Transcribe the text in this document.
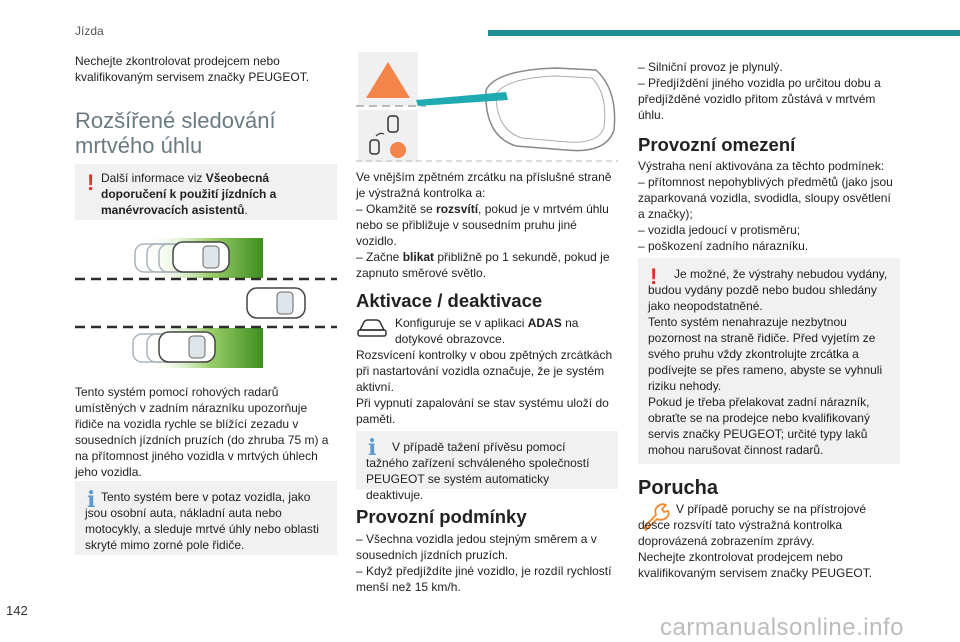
Jízda
142
carmanualsonline.info
Nechejte zkontrolovat prodejcem nebo kvalifikovaným servisem značky PEUGEOT.
Rozšířené sledování
mrtvého úhlu
! Další informace viz Všeobecná doporučení k použití jízdních a manévrovacích asistentů.
Tento systém pomocí rohových radarů umístěných v zadním nárazníku upozorňuje řidiče na vozidla rychle se blížící zezadu v sousedních jízdních pruzích (do zhruba 75 m) a na přítomnost jiného vozidla v mrtvých úhlech jeho vozidla.
i Tento systém bere v potaz vozidla, jako jsou osobní auta, nákladní auta nebo motocykly, a sleduje mrtvé úhly nebo oblasti skryté mimo zorné pole řidiče.
Ve vnějším zpětném zrcátku na příslušné straně je výstražná kontrolka a:
– Okamžitě se rozsvítí, pokud je v mrtvém úhlu nebo se přibližuje v sousedním pruhu jiné vozidlo.
– Začne blikat přibližně po 1 sekundě, pokud je zapnuto směrové světlo.
Aktivace / deaktivace
Konfiguruje se v aplikaci ADAS na dotykové obrazovce.
Rozsvícení kontrolky v obou zpětných zrcátkách při nastartování vozidla označuje, že je systém aktivní.
Při vypnutí zapalování se stav systému uloží do paměti.
i	V případě tažení přívěsu pomocí tažného zařízení schváleného společností PEUGEOT se systém automaticky deaktivuje.
Provozní podmínky
– Všechna vozidla jedou stejným směrem a v sousedních jízdních pruzích.
– Když předjíždíte jiné vozidlo, je rozdíl rychlostí menší než 15 km/h.
– Silniční provoz je plynulý.
– Předjíždění jiného vozidla po určitou dobu a předjížděné vozidlo přitom zůstává v mrtvém úhlu.
Provozní omezení
Výstraha není aktivována za těchto podmínek:
– přítomnost nepohyblivých předmětů (jako jsou zaparkovaná vozidla, svodidla, sloupy osvětlení a značky);
– vozidla jedoucí v protisměru;
– poškození zadního nárazníku.
!	Je možné, že výstrahy nebudou vydány, budou vydány pozdě nebo budou shledány jako neopodstatněné.
Tento systém nenahrazuje nezbytnou pozornost na straně řidiče. Před vyjetím ze svého pruhu vždy zkontrolujte zrcátka a podívejte se přes rameno, abyste se vyhnuli riziku nehody.
Pokud je třeba přelakovat zadní nárazník, obraťte se na prodejce nebo kvalifikovaný servis značky PEUGEOT; určité typy laků mohou narušovat činnost radarů.
Porucha
V případě poruchy se na přístrojové desce rozsvítí tato výstražná kontrolka doprovázená zobrazením zprávy.
Nechejte zkontrolovat prodejcem nebo kvalifikovaným servisem značky PEUGEOT.
